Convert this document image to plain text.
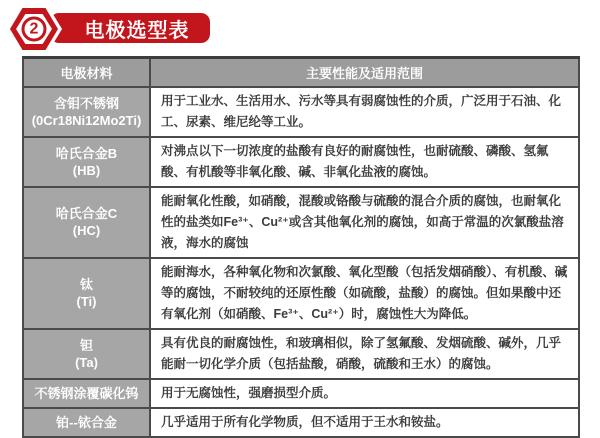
电极选型表
2
电极材料	主要性能及适用范围

含钼不锈钢
(0Cr18Ni12Mo2Ti)	用于工业水、生活用水、污水等具有弱腐蚀性的介质，广泛用于石油、化工、尿素、维尼纶等工业。

哈氏合金B
(HB)	对沸点以下一切浓度的盐酸有良好的耐腐蚀性，也耐硫酸、磷酸、氢氟酸、有机酸等非氧化酸、碱、非氧化盐液的腐蚀。

哈氏合金C
(HC)	能耐氧化性酸，如硝酸，混酸或铬酸与硫酸的混合介质的腐蚀，也耐氧化性的盐类如Fe³⁺、Cu²⁺或含其他氧化剂的腐蚀，如高于常温的次氯酸盐溶液，海水的腐蚀

钛
(Ti)	能耐海水，各种氧化物和次氯酸、氧化型酸（包括发烟硝酸）、有机酸、碱等的腐蚀，不耐较纯的还原性酸（如硫酸，盐酸）的腐蚀。但如果酸中还有氧化剂（如硝酸、Fe³⁺、Cu²⁺）时，腐蚀性大为降低。

钽
(Ta)	具有优良的耐腐蚀性，和玻璃相似，除了氢氟酸、发烟硫酸、碱外，几乎能耐一切化学介质（包括盐酸，硝酸，硫酸和王水）的腐蚀。

不锈钢涂覆碳化钨	用于无腐蚀性，强磨损型介质。

铂--铱合金	几乎适用于所有化学物质，但不适用于王水和铵盐。
